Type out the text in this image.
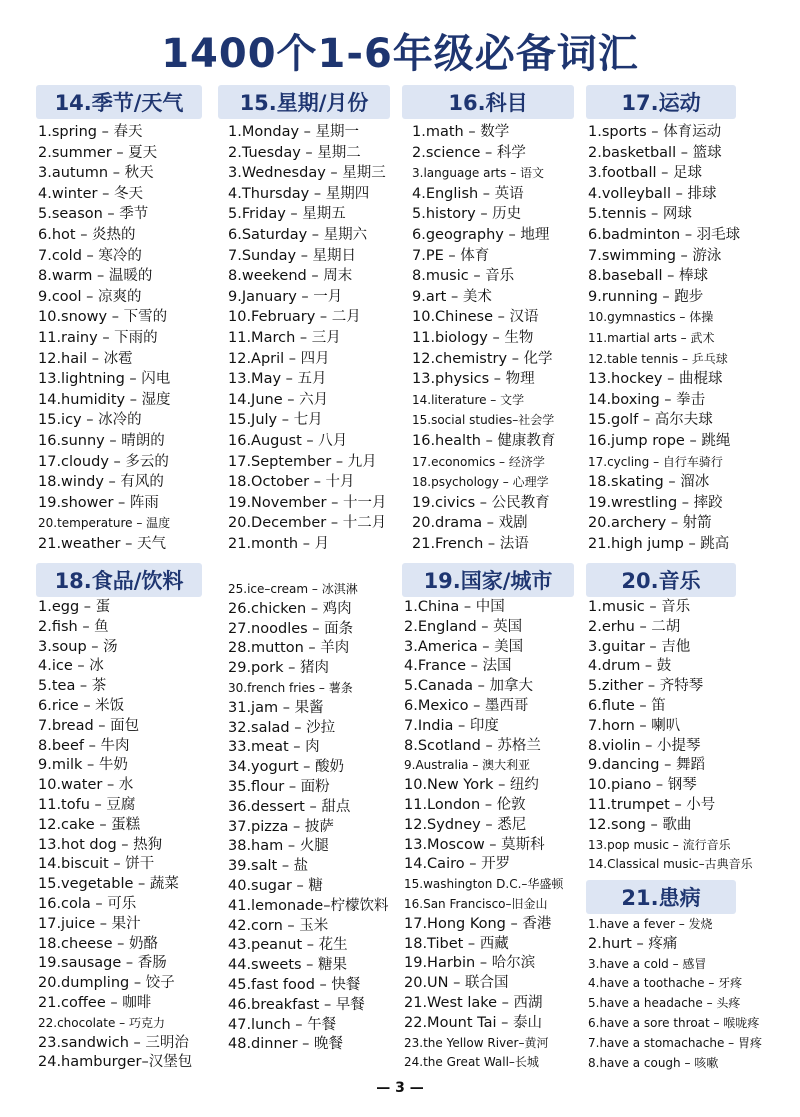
1400个1-6年级必备词汇
14.季节/天气	15.星期/月份	16.科目	17.运动
1.spring – 春天
2.summer – 夏天
3.autumn – 秋天
4.winter – 冬天
5.season – 季节
6.hot – 炎热的
7.cold – 寒冷的
8.warm – 温暖的
9.cool – 凉爽的
10.snowy – 下雪的
11.rainy – 下雨的
12.hail – 冰雹
13.lightning – 闪电
14.humidity – 湿度
15.icy – 冰冷的
16.sunny – 晴朗的
17.cloudy – 多云的
18.windy – 有风的
19.shower – 阵雨
20.temperature – 温度
21.weather – 天气
1.Monday – 星期一
2.Tuesday – 星期二
3.Wednesday – 星期三
4.Thursday – 星期四
5.Friday – 星期五
6.Saturday – 星期六
7.Sunday – 星期日
8.weekend – 周末
9.January – 一月
10.February – 二月
11.March – 三月
12.April – 四月
13.May – 五月
14.June – 六月
15.July – 七月
16.August – 八月
17.September – 九月
18.October – 十月
19.November – 十一月
20.December – 十二月
21.month – 月
1.math – 数学
2.science – 科学
3.language arts – 语文
4.English – 英语
5.history – 历史
6.geography – 地理
7.PE – 体育
8.music – 音乐
9.art – 美术
10.Chinese – 汉语
11.biology – 生物
12.chemistry – 化学
13.physics – 物理
14.literature – 文学
15.social studies–社会学
16.health – 健康教育
17.economics – 经济学
18.psychology – 心理学
19.civics – 公民教育
20.drama – 戏剧
21.French – 法语
1.sports – 体育运动
2.basketball – 篮球
3.football – 足球
4.volleyball – 排球
5.tennis – 网球
6.badminton – 羽毛球
7.swimming – 游泳
8.baseball – 棒球
9.running – 跑步
10.gymnastics – 体操
11.martial arts – 武术
12.table tennis – 乒乓球
13.hockey – 曲棍球
14.boxing – 拳击
15.golf – 高尔夫球
16.jump rope – 跳绳
17.cycling – 自行车骑行
18.skating – 溜冰
19.wrestling – 摔跤
20.archery – 射箭
21.high jump – 跳高
18.食品/饮料	19.国家/城市	20.音乐
1.egg – 蛋
2.fish – 鱼
3.soup – 汤
4.ice – 冰
5.tea – 茶
6.rice – 米饭
7.bread – 面包
8.beef – 牛肉
9.milk – 牛奶
10.water – 水
11.tofu – 豆腐
12.cake – 蛋糕
13.hot dog – 热狗
14.biscuit – 饼干
15.vegetable – 蔬菜
16.cola – 可乐
17.juice – 果汁
18.cheese – 奶酪
19.sausage – 香肠
20.dumpling – 饺子
21.coffee – 咖啡
22.chocolate – 巧克力
23.sandwich – 三明治
24.hamburger–汉堡包
25.ice–cream – 冰淇淋
26.chicken – 鸡肉
27.noodles – 面条
28.mutton – 羊肉
29.pork – 猪肉
30.french fries – 薯条
31.jam – 果酱
32.salad – 沙拉
33.meat – 肉
34.yogurt – 酸奶
35.flour – 面粉
36.dessert – 甜点
37.pizza – 披萨
38.ham – 火腿
39.salt – 盐
40.sugar – 糖
41.lemonade–柠檬饮料
42.corn – 玉米
43.peanut – 花生
44.sweets – 糖果
45.fast food – 快餐
46.breakfast – 早餐
47.lunch – 午餐
48.dinner – 晚餐
1.China – 中国
2.England – 英国
3.America – 美国
4.France – 法国
5.Canada – 加拿大
6.Mexico – 墨西哥
7.India – 印度
8.Scotland – 苏格兰
9.Australia – 澳大利亚
10.New York – 纽约
11.London – 伦敦
12.Sydney – 悉尼
13.Moscow – 莫斯科
14.Cairo – 开罗
15.washington D.C.–华盛顿
16.San Francisco–旧金山
17.Hong Kong – 香港
18.Tibet – 西藏
19.Harbin – 哈尔滨
20.UN – 联合国
21.West lake – 西湖
22.Mount Tai – 泰山
23.the Yellow River–黄河
24.the Great Wall–长城
1.music – 音乐
2.erhu – 二胡
3.guitar – 吉他
4.drum – 鼓
5.zither – 齐特琴
6.flute – 笛
7.horn – 喇叭
8.violin – 小提琴
9.dancing – 舞蹈
10.piano – 钢琴
11.trumpet – 小号
12.song – 歌曲
13.pop music – 流行音乐
14.Classical music–古典音乐
21.患病
1.have a fever – 发烧
2.hurt – 疼痛
3.have a cold – 感冒
4.have a toothache – 牙疼
5.have a headache – 头疼
6.have a sore throat – 喉咙疼
7.have a stomachache – 胃疼
8.have a cough – 咳嗽
— 3 —
